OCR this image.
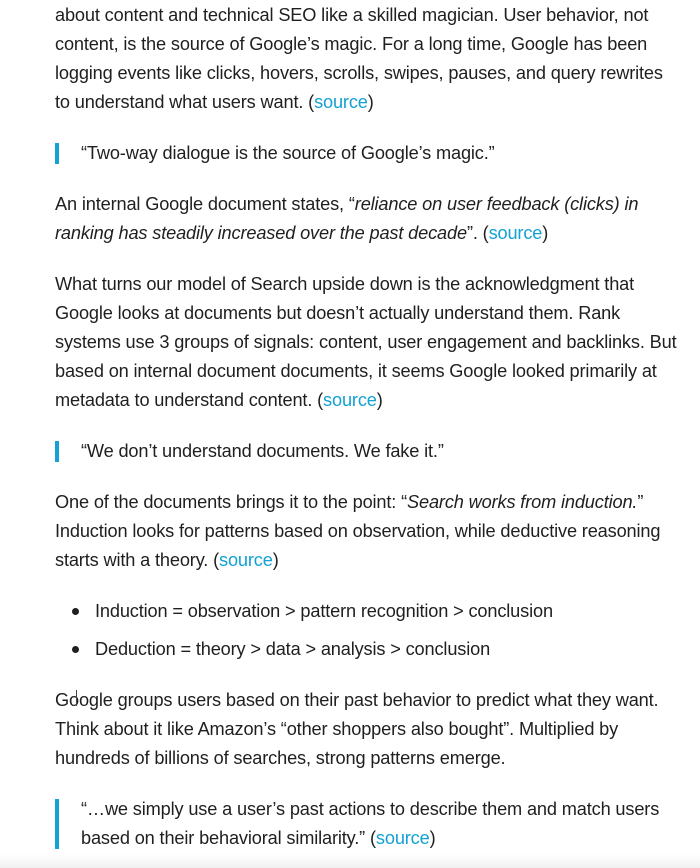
about content and technical SEO like a skilled magician. User behavior, not content, is the source of Google’s magic. For a long time, Google has been logging events like clicks, hovers, scrolls, swipes, pauses, and query rewrites to understand what users want. (source)

“Two-way dialogue is the source of Google’s magic.”

An internal Google document states, “reliance on user feedback (clicks) in ranking has steadily increased over the past decade”. (source)

What turns our model of Search upside down is the acknowledgment that Google looks at documents but doesn’t actually understand them. Rank systems use 3 groups of signals: content, user engagement and backlinks. But based on internal document documents, it seems Google looked primarily at metadata to understand content. (source)

“We don’t understand documents. We fake it.”

One of the documents brings it to the point: “Search works from induction.” Induction looks for patterns based on observation, while deductive reasoning starts with a theory. (source)

Induction = observation > pattern recognition > conclusion
Deduction = theory > data > analysis > conclusion

Google groups users based on their past behavior to predict what they want. Think about it like Amazon’s “other shoppers also bought”. Multiplied by hundreds of billions of searches, strong patterns emerge.

“…we simply use a user’s past actions to describe them and match users based on their behavioral similarity.” (source)
